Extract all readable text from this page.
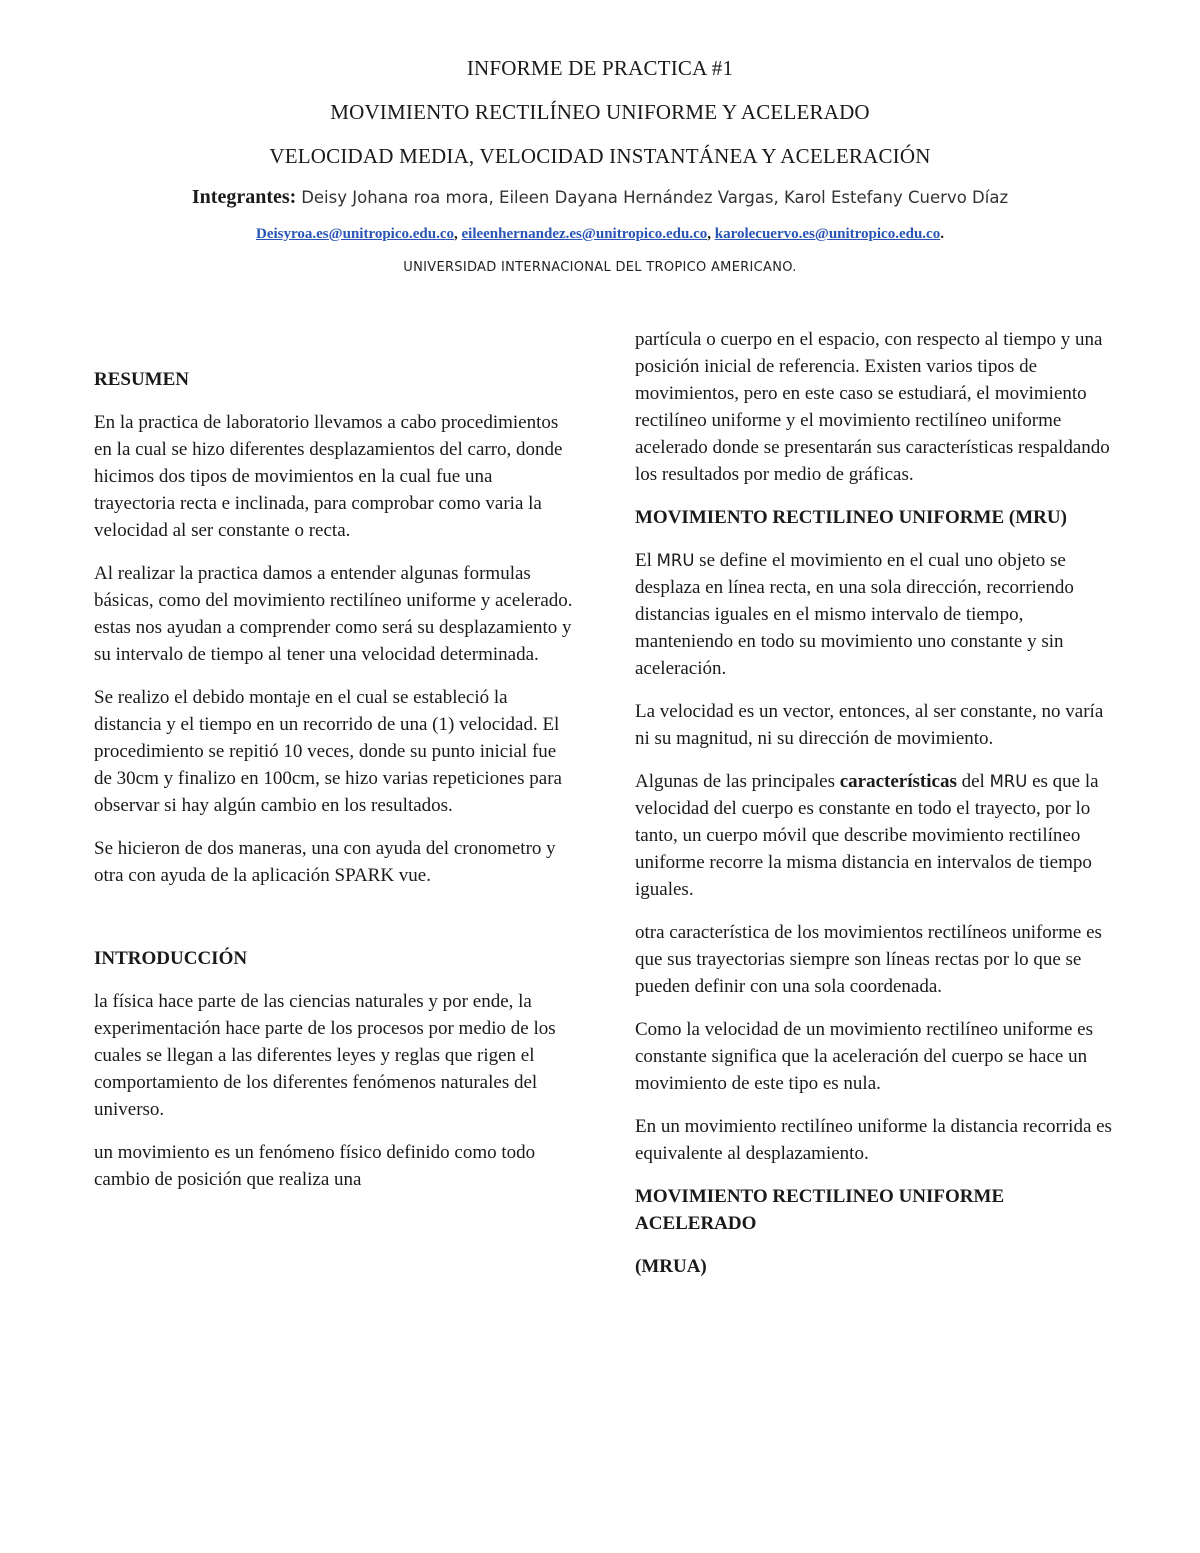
INFORME DE PRACTICA #1
MOVIMIENTO RECTILÍNEO UNIFORME Y ACELERADO
VELOCIDAD MEDIA, VELOCIDAD INSTANTÁNEA Y ACELERACIÓN
Integrantes: Deisy Johana roa mora, Eileen Dayana Hernández Vargas, Karol Estefany Cuervo Díaz
Deisyroa.es@unitropico.edu.co, eileenhernandez.es@unitropico.edu.co, karolecuervo.es@unitropico.edu.co.
UNIVERSIDAD INTERNACIONAL DEL TROPICO AMERICANO.
RESUMEN

En la practica de laboratorio llevamos a cabo procedimientos en la cual se hizo diferentes desplazamientos del carro, donde hicimos dos tipos de movimientos en la cual fue una trayectoria recta e inclinada, para comprobar como varia la velocidad al ser constante o recta.

Al realizar la practica damos a entender algunas formulas básicas, como del movimiento rectilíneo uniforme y acelerado. estas nos ayudan a comprender como será su desplazamiento y su intervalo de tiempo al tener una velocidad determinada.

Se realizo el debido montaje en el cual se estableció la distancia y el tiempo en un recorrido de una (1) velocidad. El procedimiento se repitió 10 veces, donde su punto inicial fue de 30cm y finalizo en 100cm, se hizo varias repeticiones para observar si hay algún cambio en los resultados.

Se hicieron de dos maneras, una con ayuda del cronometro y otra con ayuda de la aplicación SPARK vue.

INTRODUCCIÓN

la física hace parte de las ciencias naturales y por ende, la experimentación hace parte de los procesos por medio de los cuales se llegan a las diferentes leyes y reglas que rigen el comportamiento de los diferentes fenómenos naturales del universo.

un movimiento es un fenómeno físico definido como todo cambio de posición que realiza una

partícula o cuerpo en el espacio, con respecto al tiempo y una posición inicial de referencia. Existen varios tipos de movimientos, pero en este caso se estudiará, el movimiento rectilíneo uniforme y el movimiento rectilíneo uniforme acelerado donde se presentarán sus características respaldando los resultados por medio de gráficas.

MOVIMIENTO RECTILINEO UNIFORME (MRU)

El MRU se define el movimiento en el cual uno objeto se desplaza en línea recta, en una sola dirección, recorriendo distancias iguales en el mismo intervalo de tiempo, manteniendo en todo su movimiento uno constante y sin aceleración.

La velocidad es un vector, entonces, al ser constante, no varía ni su magnitud, ni su dirección de movimiento.

Algunas de las principales características del MRU es que la velocidad del cuerpo es constante en todo el trayecto, por lo tanto, un cuerpo móvil que describe movimiento rectilíneo uniforme recorre la misma distancia en intervalos de tiempo iguales.

otra característica de los movimientos rectilíneos uniforme es que sus trayectorias siempre son líneas rectas por lo que se pueden definir con una sola coordenada.

Como la velocidad de un movimiento rectilíneo uniforme es constante significa que la aceleración del cuerpo se hace un movimiento de este tipo es nula.

En un movimiento rectilíneo uniforme la distancia recorrida es equivalente al desplazamiento.

MOVIMIENTO RECTILINEO UNIFORME ACELERADO
(MRUA)
